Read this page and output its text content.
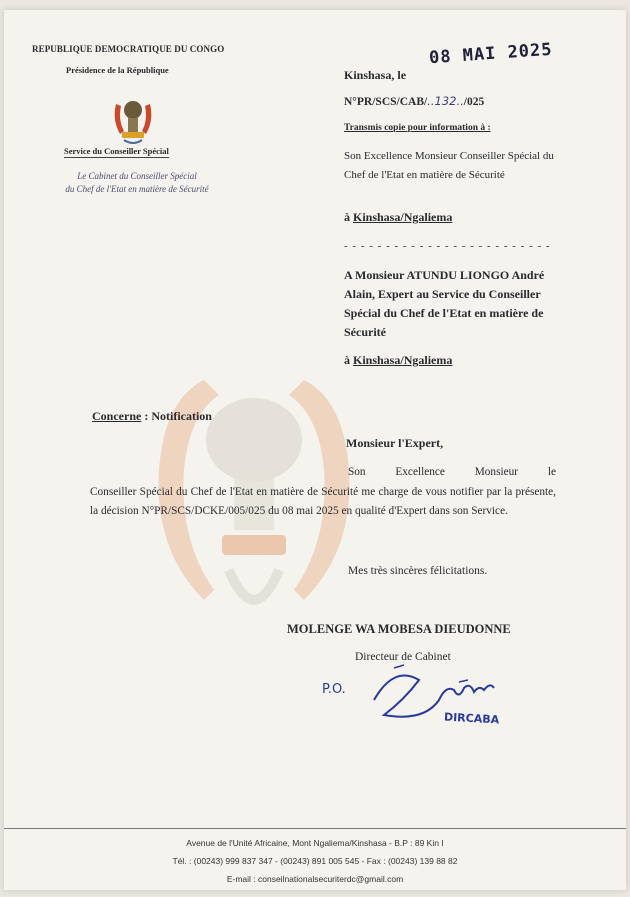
REPUBLIQUE DEMOCRATIQUE DU CONGO
Présidence de la République
Service du Conseiller Spécial
Le Cabinet du Conseiller Spécial
du Chef de l'Etat en matière de Sécurité
Kinshasa, le
08 MAI 2025
N°PR/SCS/CAB/..132../025
Transmis copie pour information à :
Son Excellence Monsieur Conseiller Spécial du Chef de l'Etat en matière de Sécurité
à Kinshasa/Ngaliema
- - - - - - - - - - - - - - - - - - - - - - - - -
A Monsieur ATUNDU LIONGO André Alain, Expert au Service du Conseiller Spécial du Chef de l'Etat en matière de Sécurité
à Kinshasa/Ngaliema
Concerne : Notification
Monsieur l'Expert,
Son Excellence Monsieur le Conseiller Spécial du Chef de l'Etat en matière de Sécurité me charge de vous notifier par la présente, la décision N°PR/SCS/DCKE/005/025 du 08 mai 2025 en qualité d'Expert dans son Service.
Mes très sincères félicitations.
MOLENGE WA MOBESA DIEUDONNE
Directeur de Cabinet
P.O.
DIRCABA
Avenue de l'Unité Africaine, Mont Ngaliema/Kinshasa - B.P : 89 Kin I
Tél. : (00243) 999 837 347 - (00243) 891 005 545 - Fax : (00243) 139 88 82
E-mail : conseilnationalsecuriterdc@gmail.com
